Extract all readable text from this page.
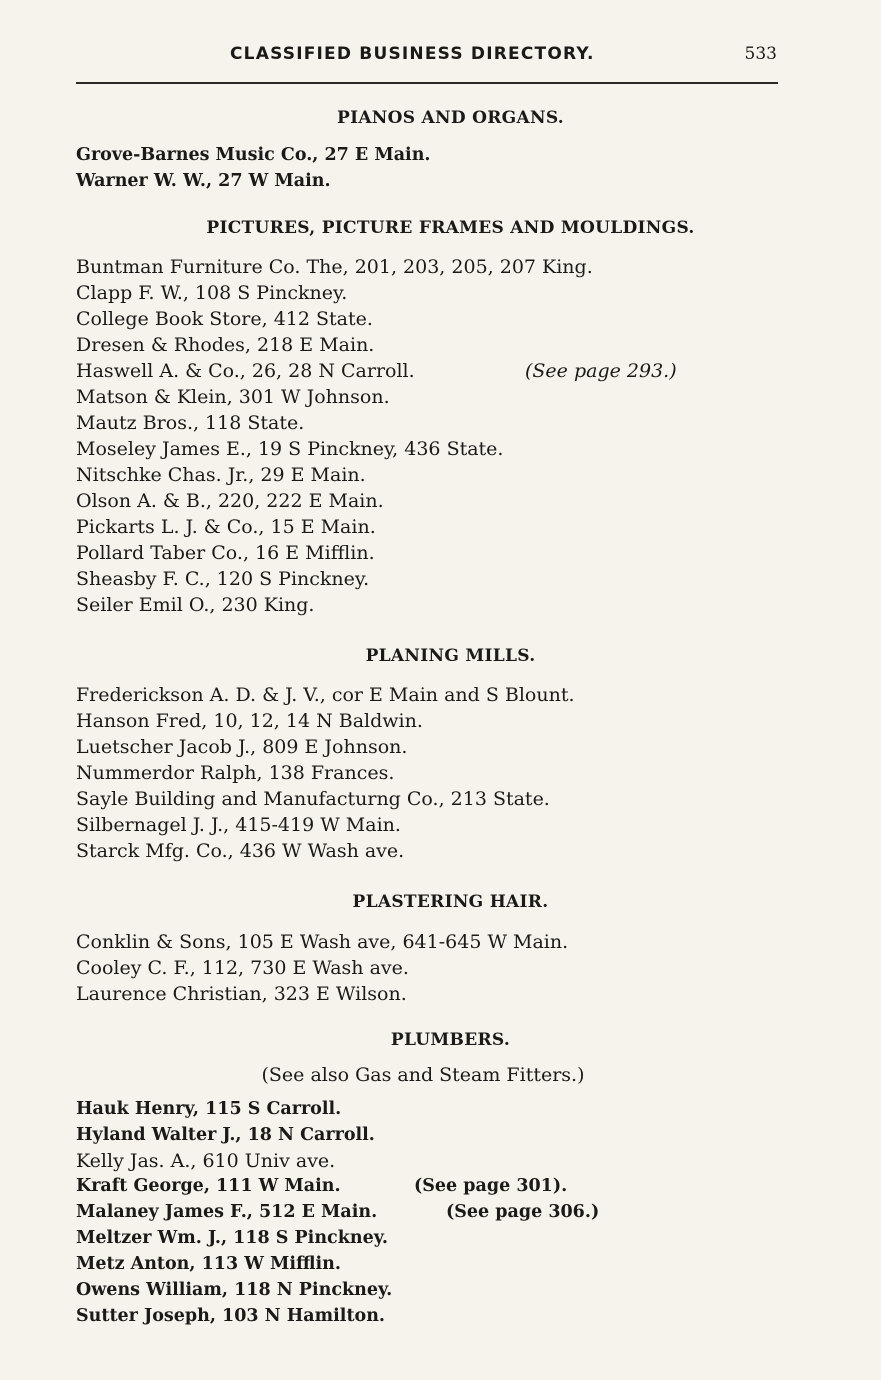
CLASSIFIED BUSINESS DIRECTORY.	533
PIANOS AND ORGANS.
Grove-Barnes Music Co., 27 E Main.
Warner W. W., 27 W Main.
PICTURES, PICTURE FRAMES AND MOULDINGS.
Buntman Furniture Co. The, 201, 203, 205, 207 King.
Clapp F. W., 108 S Pinckney.
College Book Store, 412 State.
Dresen & Rhodes, 218 E Main.
Haswell A. & Co., 26, 28 N Carroll.	(See page 293.)
Matson & Klein, 301 W Johnson.
Mautz Bros., 118 State.
Moseley James E., 19 S Pinckney, 436 State.
Nitschke Chas. Jr., 29 E Main.
Olson A. & B., 220, 222 E Main.
Pickarts L. J. & Co., 15 E Main.
Pollard Taber Co., 16 E Mifflin.
Sheasby F. C., 120 S Pinckney.
Seiler Emil O., 230 King.
PLANING MILLS.
Frederickson A. D. & J. V., cor E Main and S Blount.
Hanson Fred, 10, 12, 14 N Baldwin.
Luetscher Jacob J., 809 E Johnson.
Nummerdor Ralph, 138 Frances.
Sayle Building and Manufacturng Co., 213 State.
Silbernagel J. J., 415-419 W Main.
Starck Mfg. Co., 436 W Wash ave.
PLASTERING HAIR.
Conklin & Sons, 105 E Wash ave, 641-645 W Main.
Cooley C. F., 112, 730 E Wash ave.
Laurence Christian, 323 E Wilson.
PLUMBERS.
(See also Gas and Steam Fitters.)
Hauk Henry, 115 S Carroll.
Hyland Walter J., 18 N Carroll.
Kelly Jas. A., 610 Univ ave.
Kraft George, 111 W Main.	(See page 301).
Malaney James F., 512 E Main.	(See page 306.)
Meltzer Wm. J., 118 S Pinckney.
Metz Anton, 113 W Mifflin.
Owens William, 118 N Pinckney.
Sutter Joseph, 103 N Hamilton.
